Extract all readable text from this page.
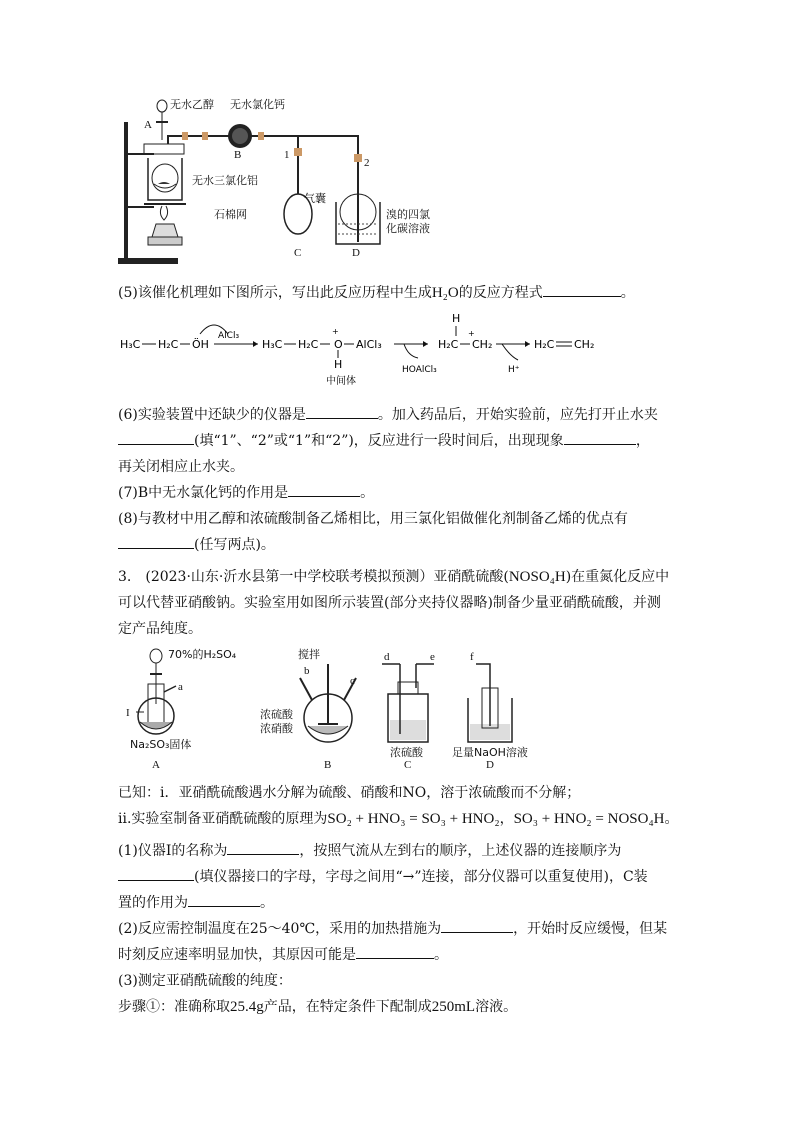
无水乙醇
A
无水氯化钙
B
无水三氯化铝
石棉网
1
2
气囊
溴的四氯
化碳溶液
C	D
(5)该催化机理如下图所示，写出此反应历程中生成H₂O的反应方程式	。
H₃C H₂C ÖH
AlCl₃
H₃C H₂C O
+
AlCl₃
H
中间体
HOAlCl₃
H
H₂C CH₂
+
H⁺
H₂C CH₂
(6)实验装置中还缺少的仪器是	。加入药品后，开始实验前，应先打开止水夹
(填“1”、“2”或“1”和“2”)，反应进行一段时间后，出现现象	，
再关闭相应止水夹。
(7)B中无水氯化钙的作用是	。
(8)与教材中用乙醇和浓硫酸制备乙烯相比，用三氯化铝做催化剂制备乙烯的优点有
(任写两点)。
3.　(2023·山东·沂水县第一中学校联考模拟预测）亚硝酰硫酸(NOSO₄H)在重氮化反应中
可以代替亚硝酸钠。实验室用如图所示装置(部分夹持仪器略)制备少量亚硝酰硫酸，并测
定产品纯度。
70%的H₂SO₄
a
I
Na₂SO₃固体
A
搅拌
b
c
浓硫酸
浓硝酸
B
d	e
浓硫酸
C
f
足量NaOH溶液
D
已知：i．亚硝酰硫酸遇水分解为硫酸、硝酸和NO，溶于浓硫酸而不分解；
ⅱ.实验室制备亚硝酰硫酸的原理为SO₂ + HNO₃ = SO₃ + HNO₂，SO₃ + HNO₂ = NOSO₄H。
(1)仪器Ⅰ的名称为	，按照气流从左到右的顺序，上述仪器的连接顺序为
(填仪器接口的字母，字母之间用“→”连接，部分仪器可以重复使用)，C装
置的作用为	。
(2)反应需控制温度在25～40℃，采用的加热措施为	，开始时反应缓慢，但某
时刻反应速率明显加快，其原因可能是	。
(3)测定亚硝酰硫酸的纯度：
步骤①：准确称取25.4g产品，在特定条件下配制成250mL溶液。
